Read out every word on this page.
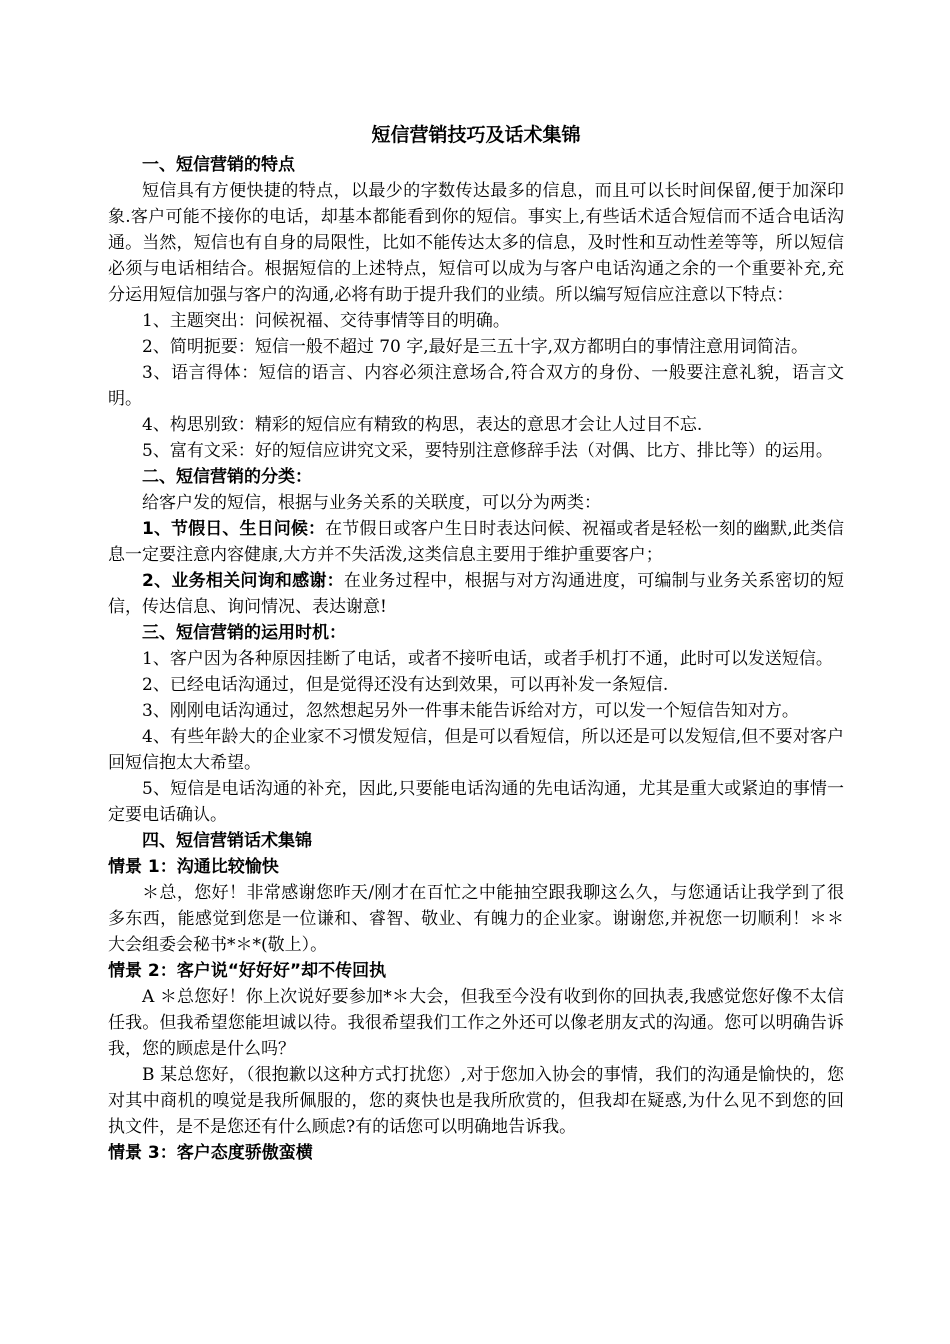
短信营销技巧及话术集锦
一、短信营销的特点

短信具有方便快捷的特点，以最少的字数传达最多的信息，而且可以长时间保留,便于加深印象.客户可能不接你的电话，却基本都能看到你的短信。事实上,有些话术适合短信而不适合电话沟通。当然，短信也有自身的局限性，比如不能传达太多的信息，及时性和互动性差等等，所以短信必须与电话相结合。根据短信的上述特点，短信可以成为与客户电话沟通之余的一个重要补充,充分运用短信加强与客户的沟通,必将有助于提升我们的业绩。所以编写短信应注意以下特点：

1、主题突出：问候祝福、交待事情等目的明确。

2、简明扼要：短信一般不超过 70 字,最好是三五十字,双方都明白的事情注意用词简洁。

3、语言得体：短信的语言、内容必须注意场合,符合双方的身份、一般要注意礼貌，语言文明。

4、构思别致：精彩的短信应有精致的构思，表达的意思才会让人过目不忘.

5、富有文采：好的短信应讲究文采，要特别注意修辞手法（对偶、比方、排比等）的运用。

二、短信营销的分类：

给客户发的短信，根据与业务关系的关联度，可以分为两类：

1、节假日、生日问候：在节假日或客户生日时表达问候、祝福或者是轻松一刻的幽默,此类信息一定要注意内容健康,大方并不失活泼,这类信息主要用于维护重要客户；

2、业务相关问询和感谢：在业务过程中，根据与对方沟通进度，可编制与业务关系密切的短信，传达信息、询问情况、表达谢意!

三、短信营销的运用时机：

1、客户因为各种原因挂断了电话，或者不接听电话，或者手机打不通，此时可以发送短信。

2、已经电话沟通过，但是觉得还没有达到效果，可以再补发一条短信.

3、刚刚电话沟通过，忽然想起另外一件事未能告诉给对方，可以发一个短信告知对方。

4、有些年龄大的企业家不习惯发短信，但是可以看短信，所以还是可以发短信,但不要对客户回短信抱太大希望。

5、短信是电话沟通的补充，因此,只要能电话沟通的先电话沟通，尤其是重大或紧迫的事情一定要电话确认。

四、短信营销话术集锦
情景 1：沟通比较愉快

＊总，您好！非常感谢您昨天/刚才在百忙之中能抽空跟我聊这么久，与您通话让我学到了很多东西，能感觉到您是一位谦和、睿智、敬业、有魄力的企业家。谢谢您,并祝您一切顺利！＊＊大会组委会秘书*＊*(敬上）。

情景 2：客户说“好好好”却不传回执

A ＊总您好！你上次说好要参加*＊大会，但我至今没有收到你的回执表,我感觉您好像不太信任我。但我希望您能坦诚以待。我很希望我们工作之外还可以像老朋友式的沟通。您可以明确告诉我，您的顾虑是什么吗？

B 某总您好，（很抱歉以这种方式打扰您）,对于您加入协会的事情，我们的沟通是愉快的，您对其中商机的嗅觉是我所佩服的，您的爽快也是我所欣赏的，但我却在疑惑,为什么见不到您的回执文件，是不是您还有什么顾虑?有的话您可以明确地告诉我。

情景 3：客户态度骄傲蛮横
